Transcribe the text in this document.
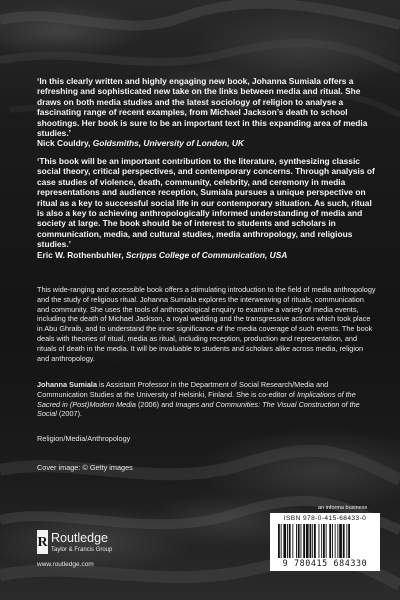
‘In this clearly written and highly engaging new book, Johanna Sumiala offers a refreshing and sophisticated new take on the links between media and ritual. She draws on both media studies and the latest sociology of religion to analyse a fascinating range of recent examples, from Michael Jackson’s death to school shootings. Her book is sure to be an important text in this expanding area of media studies.’
Nick Couldry, Goldsmiths, University of London, UK
‘This book will be an important contribution to the literature, synthesizing classic social theory, critical perspectives, and contemporary concerns. Through analysis of case studies of violence, death, community, celebrity, and ceremony in media representations and audience reception, Sumiala pursues a unique perspective on ritual as a key to successful social life in our contemporary situation. As such, ritual is also a key to achieving anthropologically informed understanding of media and society at large. The book should be of interest to students and scholars in communication, media, and cultural studies, media anthropology, and religious studies.’
Eric W. Rothenbuhler, Scripps College of Communication, USA
This wide-ranging and accessible book offers a stimulating introduction to the field of media anthropology and the study of religious ritual. Johanna Sumiala explores the interweaving of rituals, communication and community. She uses the tools of anthropological enquiry to examine a variety of media events, including the death of Michael Jackson, a royal wedding and the transgressive actions which took place in Abu Ghraib, and to understand the inner significance of the media coverage of such events. The book deals with theories of ritual, media as ritual, including reception, production and representation, and rituals of death in the media. It will be invaluable to students and scholars alike across media, religion and anthropology.
Johanna Sumiala is Assistant Professor in the Department of Social Research/Media and Communication Studies at the University of Helsinki, Finland. She is co-editor of Implications of the Sacred in (Post)Modern Media (2006) and Images and Communities: The Visual Construction of the Social (2007).
Religion/Media/Anthropology
Cover image: © Getty images
R Routledge
Taylor & Francis Group
www.routledge.com
an informa business
ISBN 978-0-415-68433-0
9 780415 684330
